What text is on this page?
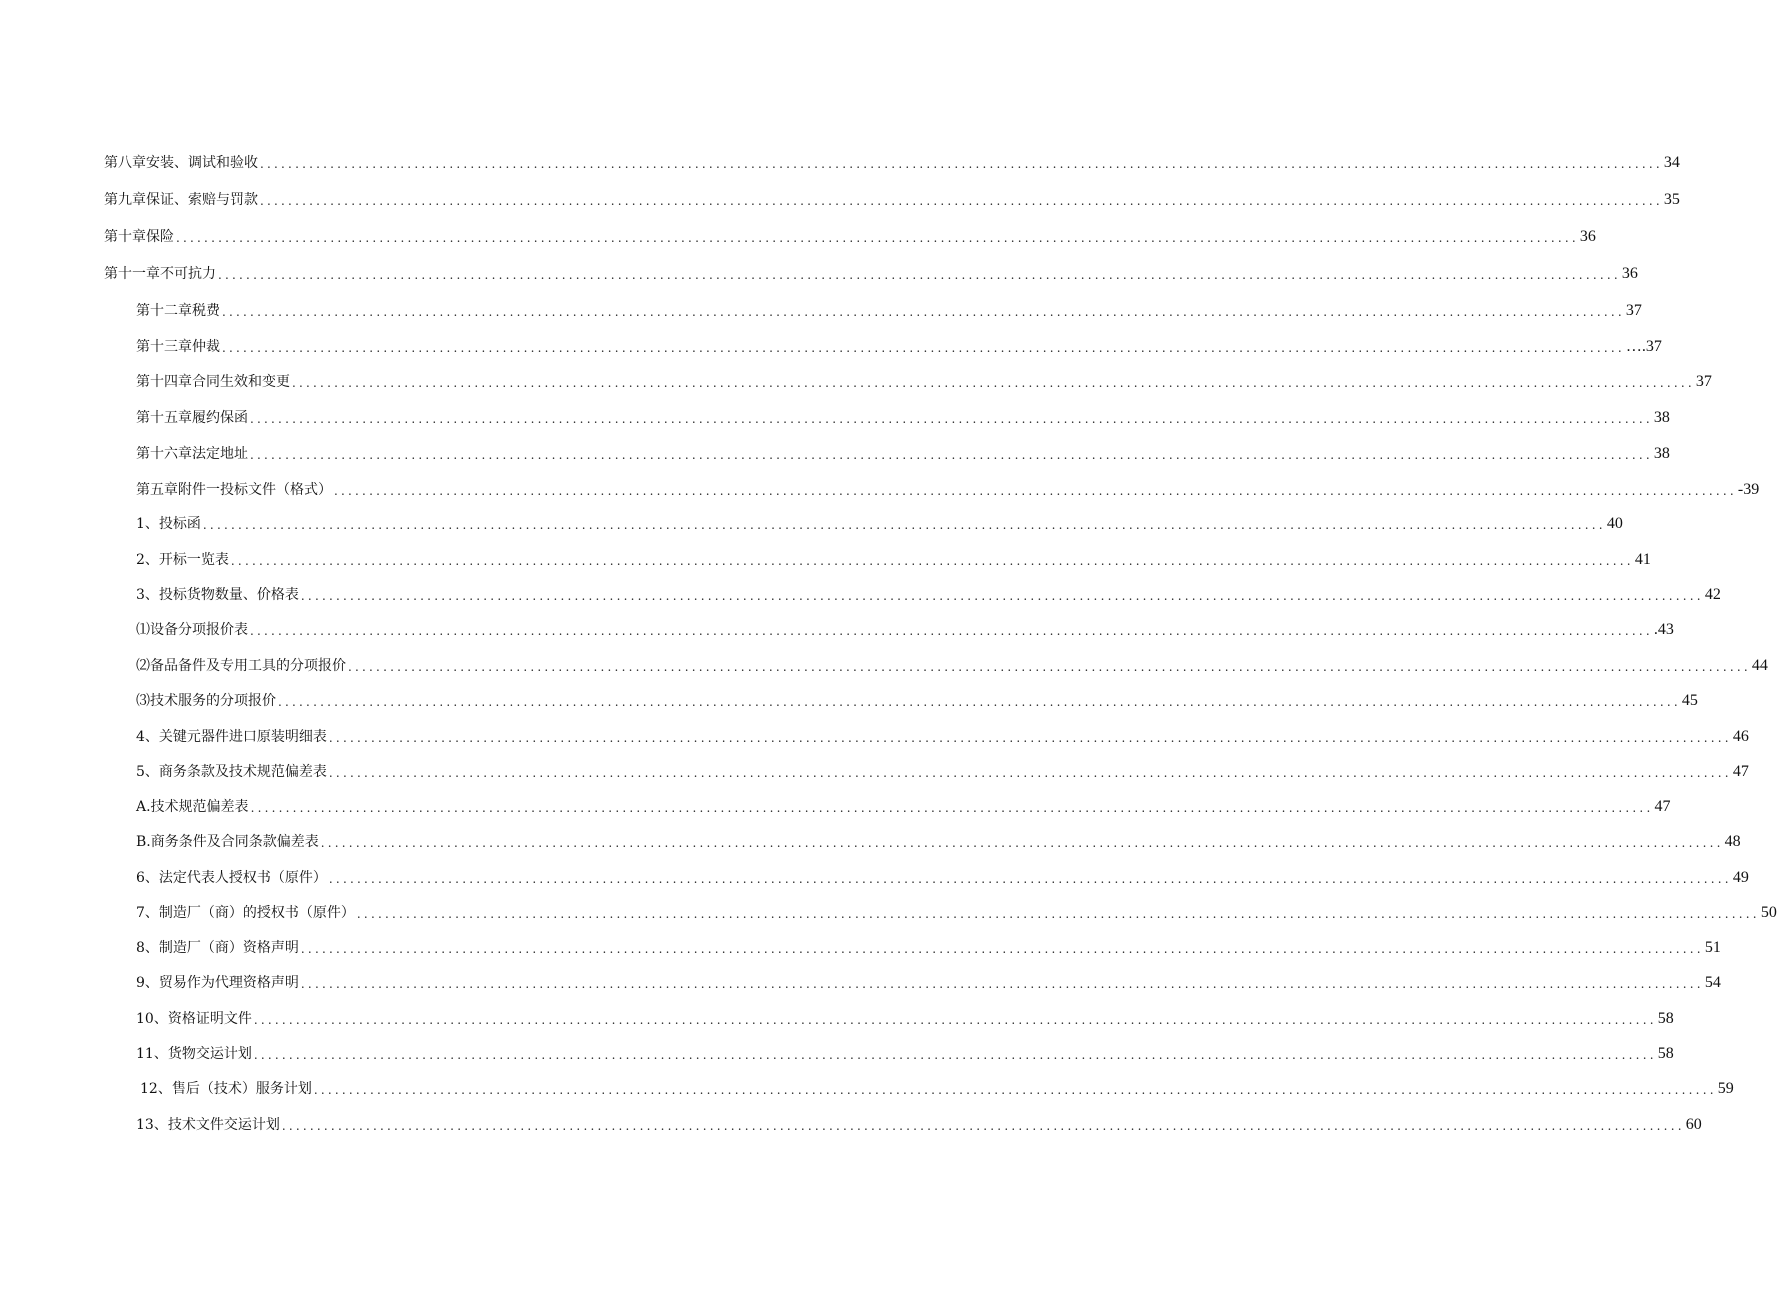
第八章安装、调试和验收 ........................................................................................................................................................................................................ 34
第九章保证、索赔与罚款 ........................................................................................................................................................................................................ 35
第十章保险 ........................................................................................................................................................................................................ 36
第十一章不可抗力 ........................................................................................................................................................................................................ 36
第十二章税费 ........................................................................................................................................................................................................ 37
第十三章仲裁 ........................................................................................................................................................................................................ ….37
第十四章合同生效和变更 ........................................................................................................................................................................................................ 37
第十五章履约保函 ........................................................................................................................................................................................................ 38
第十六章法定地址 ........................................................................................................................................................................................................ 38
第五章附件一投标文件（格式） ........................................................................................................................................................................................................ -39
1、投标函 ........................................................................................................................................................................................................ 40
2、开标一览表 ........................................................................................................................................................................................................ 41
3、投标货物数量、价格表 ........................................................................................................................................................................................................ 42
⑴设备分项报价表 ........................................................................................................................................................................................................ .43
⑵备品备件及专用工具的分项报价 ........................................................................................................................................................................................................ 44
⑶技术服务的分项报价 ........................................................................................................................................................................................................ 45
4、关键元器件进口原装明细表 ........................................................................................................................................................................................................ 46
5、商务条款及技术规范偏差表 ........................................................................................................................................................................................................ 47
A.技术规范偏差表 ........................................................................................................................................................................................................ 47
B.商务条件及合同条款偏差表 ........................................................................................................................................................................................................ 48
6、法定代表人授权书（原件） ........................................................................................................................................................................................................ 49
7、制造厂（商）的授权书（原件） ........................................................................................................................................................................................................ 50
8、制造厂（商）资格声明 ........................................................................................................................................................................................................ 51
9、贸易作为代理资格声明 ........................................................................................................................................................................................................ 54
10、资格证明文件 ........................................................................................................................................................................................................ 58
11、货物交运计划 ........................................................................................................................................................................................................ 58
12、售后（技术）服务计划 ........................................................................................................................................................................................................ 59
13、技术文件交运计划 ........................................................................................................................................................................................................ 60
